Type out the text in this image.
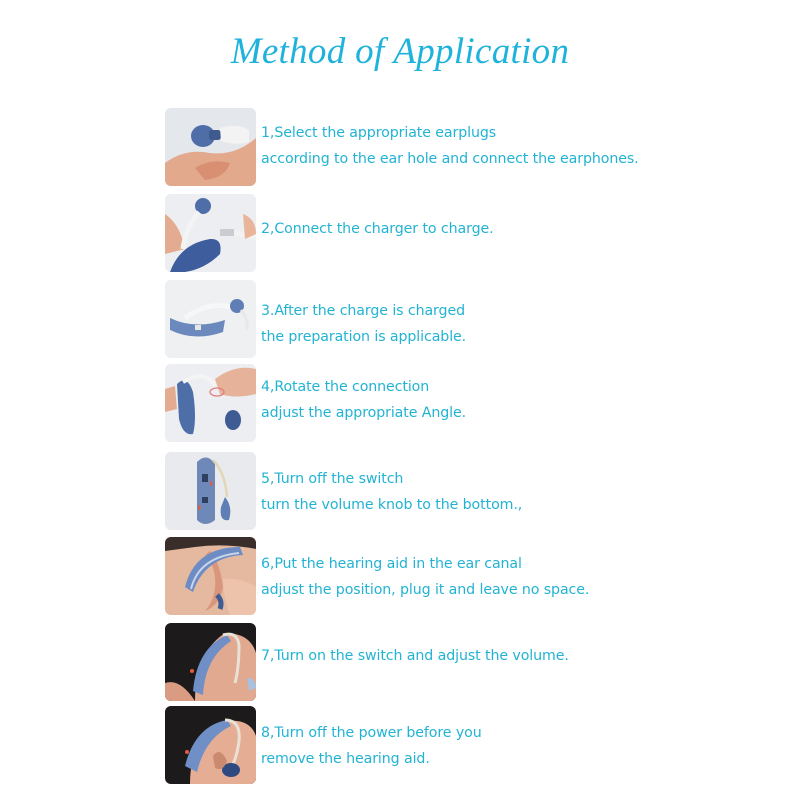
Method of Application
1,Select the appropriate earplugs
according to the ear hole and connect the earphones.
2,Connect the charger to charge.
3.After the charge is charged
the preparation is applicable.
4,Rotate the connection
adjust the appropriate Angle.
5,Turn off the switch
turn the volume knob to the bottom.,
6,Put the hearing aid in the ear canal
adjust the position, plug it and leave no space.
7,Turn on the switch and adjust the volume.
8,Turn off the power before you
remove the hearing aid.
